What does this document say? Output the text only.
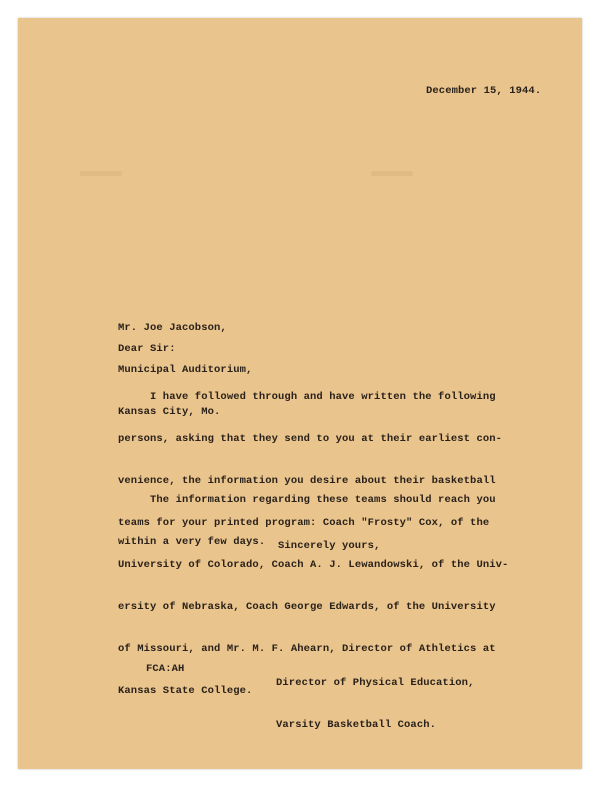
December 15, 1944.

Mr. Joe Jacobson,

Municipal Auditorium,

Kansas City, Mo.

Dear Sir:

I have followed through and have written the following

persons, asking that they send to you at their earliest con-

venience, the information you desire about their basketball

teams for your printed program: Coach "Frosty" Cox, of the

University of Colorado, Coach A. J. Lewandowski, of the Univ-

ersity of Nebraska, Coach George Edwards, of the University

of Missouri, and Mr. M. F. Ahearn, Director of Athletics at

Kansas State College.

The information regarding these teams should reach you

within a very few days.

	Sincerely yours,

Director of Physical Education,

Varsity Basketball Coach.

FCA:AH
